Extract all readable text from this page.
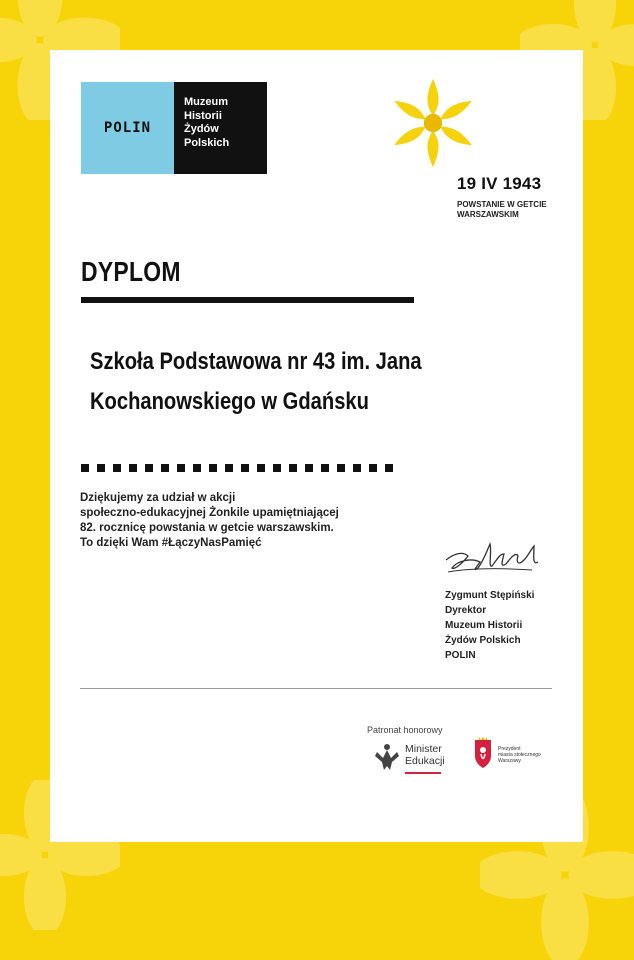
POLIN
Muzeum
Historii
Żydów
Polskich
19 IV 1943
POWSTANIE W GETCIE
WARSZAWSKIM
DYPLOM
Szkoła Podstawowa nr 43 im. Jana
Kochanowskiego w Gdańsku
Dziękujemy za udział w akcji
społeczno-edukacyjnej Żonkile upamiętniającej
82. rocznicę powstania w getcie warszawskim.
To dzięki Wam #ŁączyNasPamięć
Zygmunt Stępiński
Dyrektor
Muzeum Historii
Żydów Polskich
POLIN
Patronat honorowy
Minister
Edukacji
Prezydent
miasta stołecznego
Warszawy
